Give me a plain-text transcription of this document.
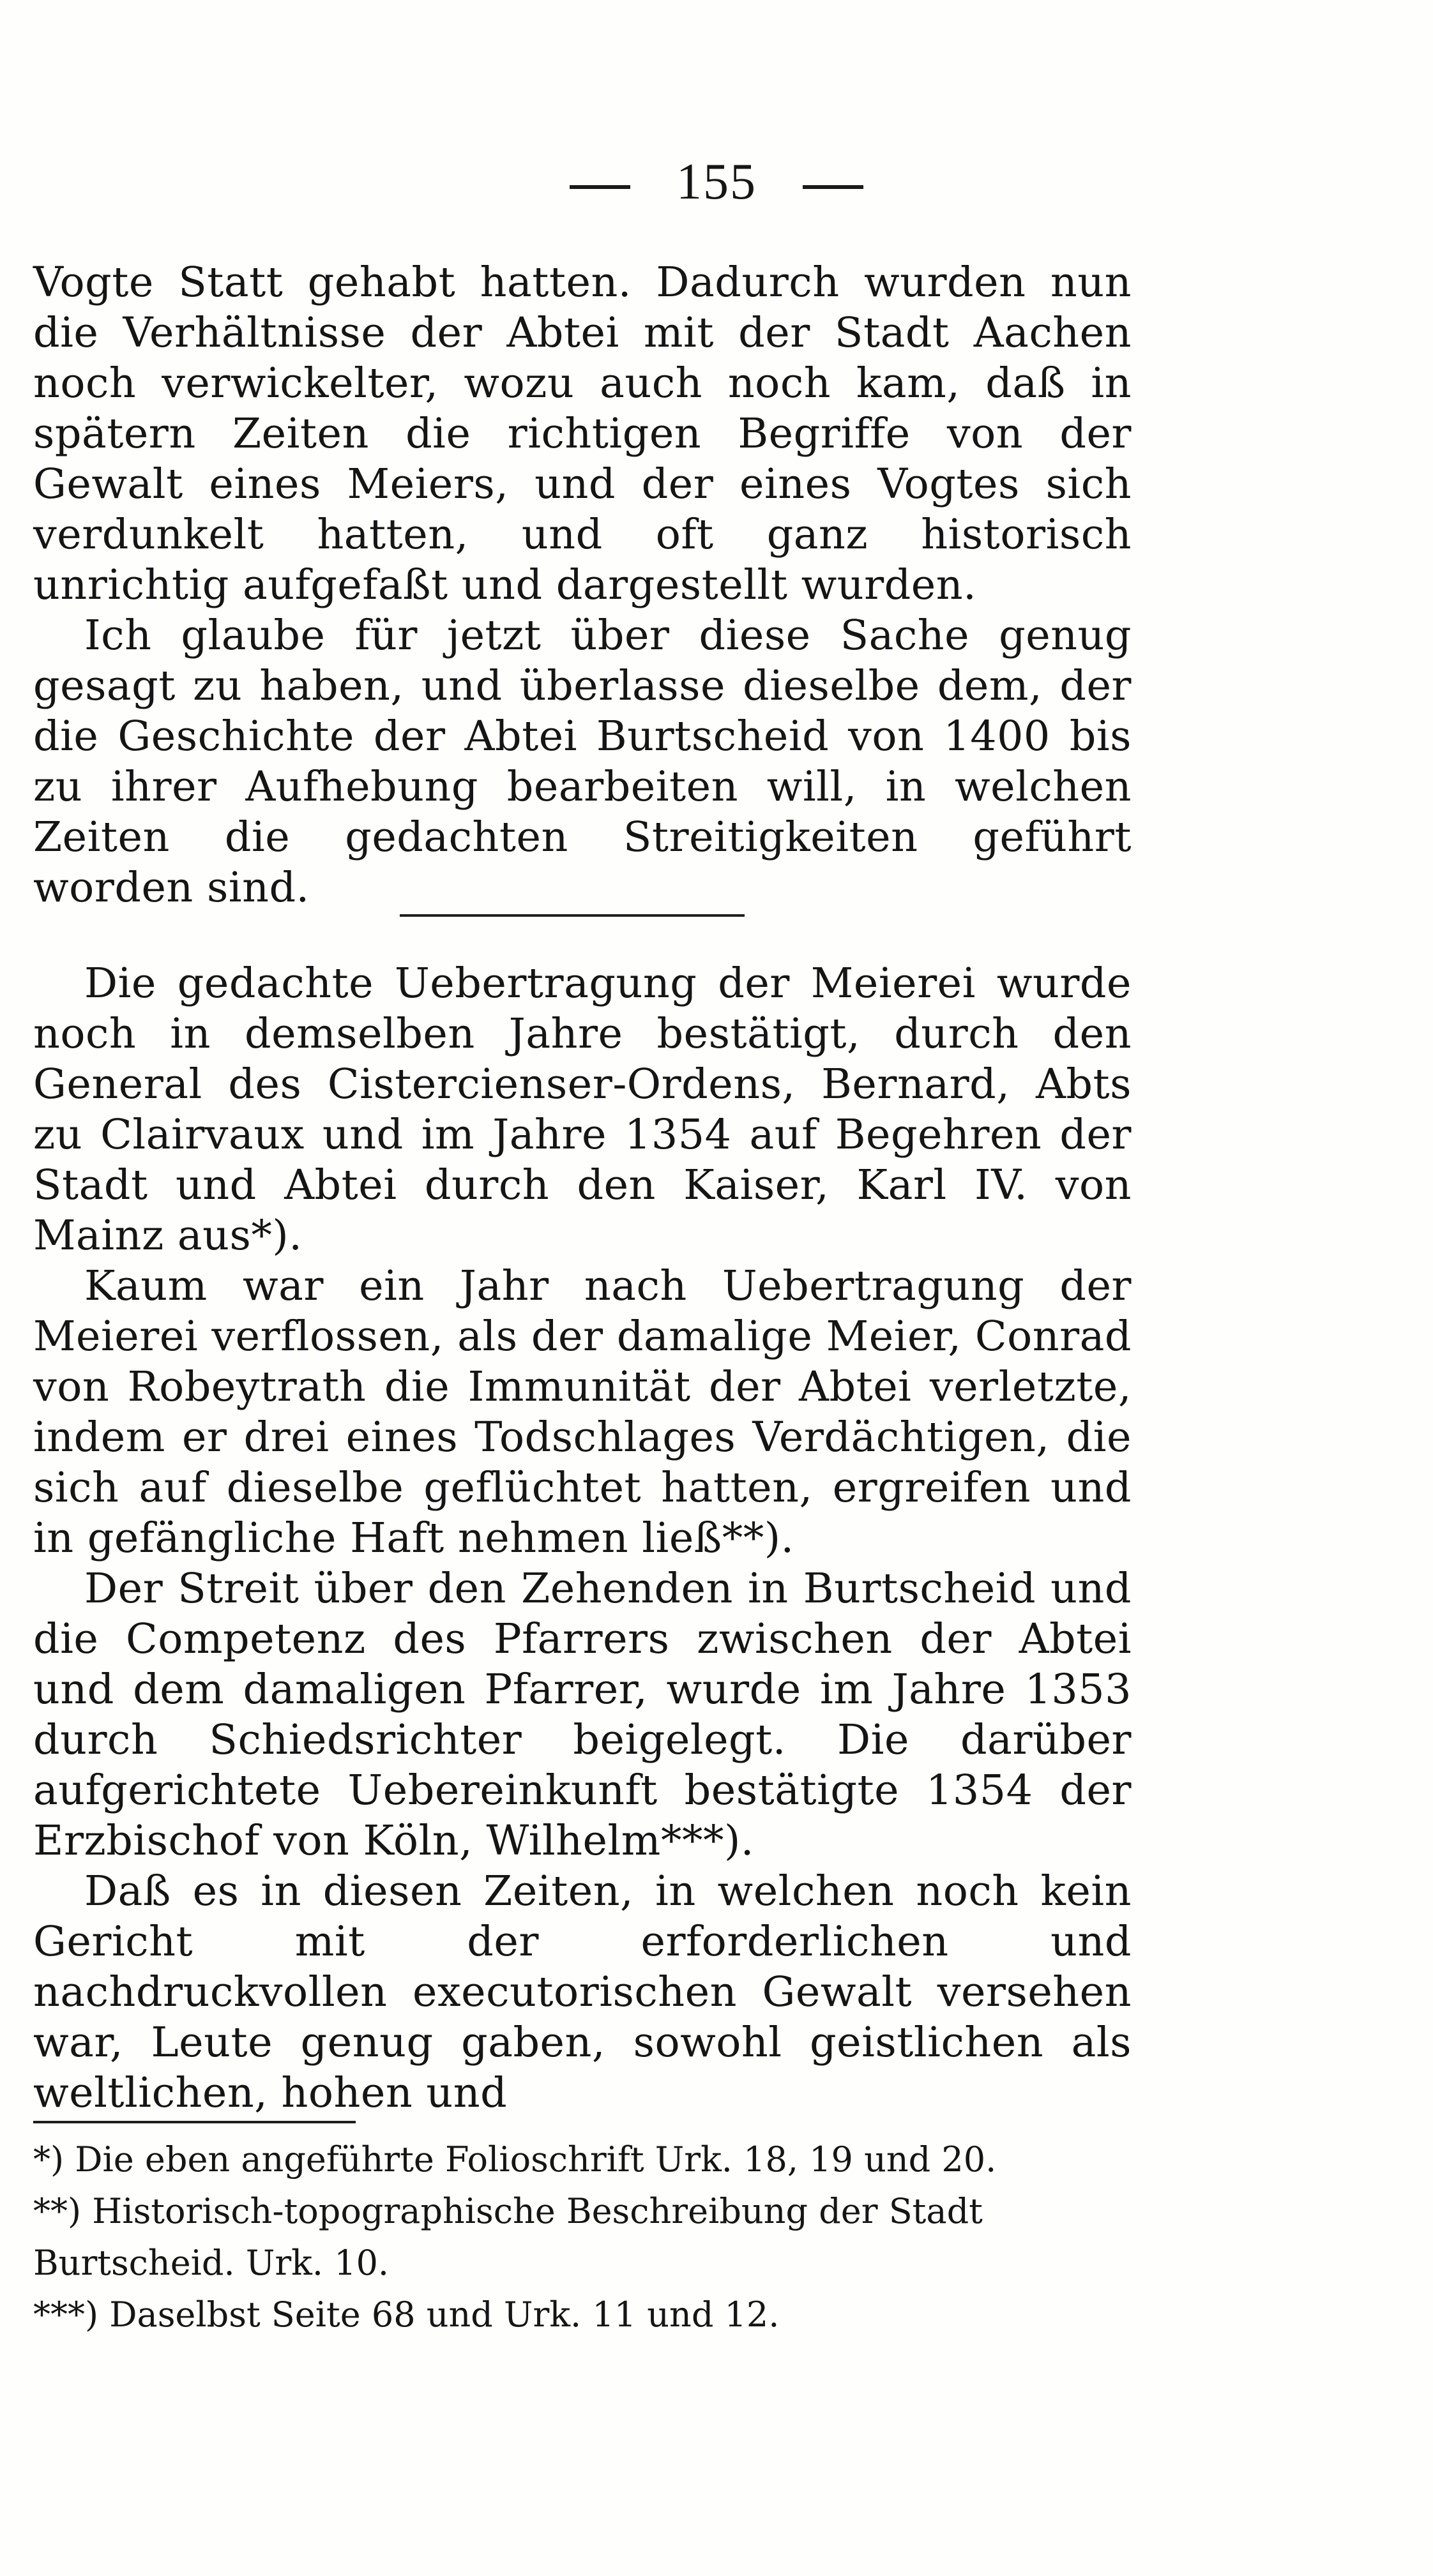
155

Vogte Statt gehabt hatten. Dadurch wurden nun die Verhältnisse der Abtei mit der Stadt Aachen noch verwickelter, wozu auch noch kam, daß in spätern Zeiten die richtigen Begriffe von der Gewalt eines Meiers, und der eines Vogtes sich verdunkelt hatten, und oft ganz historisch unrichtig aufgefaßt und dargestellt wurden.

Ich glaube für jetzt über diese Sache genug gesagt zu haben, und überlasse dieselbe dem, der die Geschichte der Abtei Burtscheid von 1400 bis zu ihrer Aufhebung bearbeiten will, in welchen Zeiten die gedachten Streitigkeiten geführt worden sind.

Die gedachte Uebertragung der Meierei wurde noch in demselben Jahre bestätigt, durch den General des Cistercienser-Ordens, Bernard, Abts zu Clairvaux und im Jahre 1354 auf Begehren der Stadt und Abtei durch den Kaiser, Karl IV. von Mainz aus*).

Kaum war ein Jahr nach Uebertragung der Meierei verflossen, als der damalige Meier, Conrad von Robeytrath die Immunität der Abtei verletzte, indem er drei eines Todschlages Verdächtigen, die sich auf dieselbe geflüchtet hatten, ergreifen und in gefängliche Haft nehmen ließ**).

Der Streit über den Zehenden in Burtscheid und die Competenz des Pfarrers zwischen der Abtei und dem damaligen Pfarrer, wurde im Jahre 1353 durch Schiedsrichter beigelegt. Die darüber aufgerichtete Uebereinkunft bestätigte 1354 der Erzbischof von Köln, Wilhelm***).

Daß es in diesen Zeiten, in welchen noch kein Gericht mit der erforderlichen und nachdruckvollen executorischen Gewalt versehen war, Leute genug gaben, sowohl geistlichen als weltlichen, hohen und

*) Die eben angeführte Folioschrift Urk. 18, 19 und 20.

**) Historisch-topographische Beschreibung der Stadt Burtscheid. Urk. 10.

***) Daselbst Seite 68 und Urk. 11 und 12.
